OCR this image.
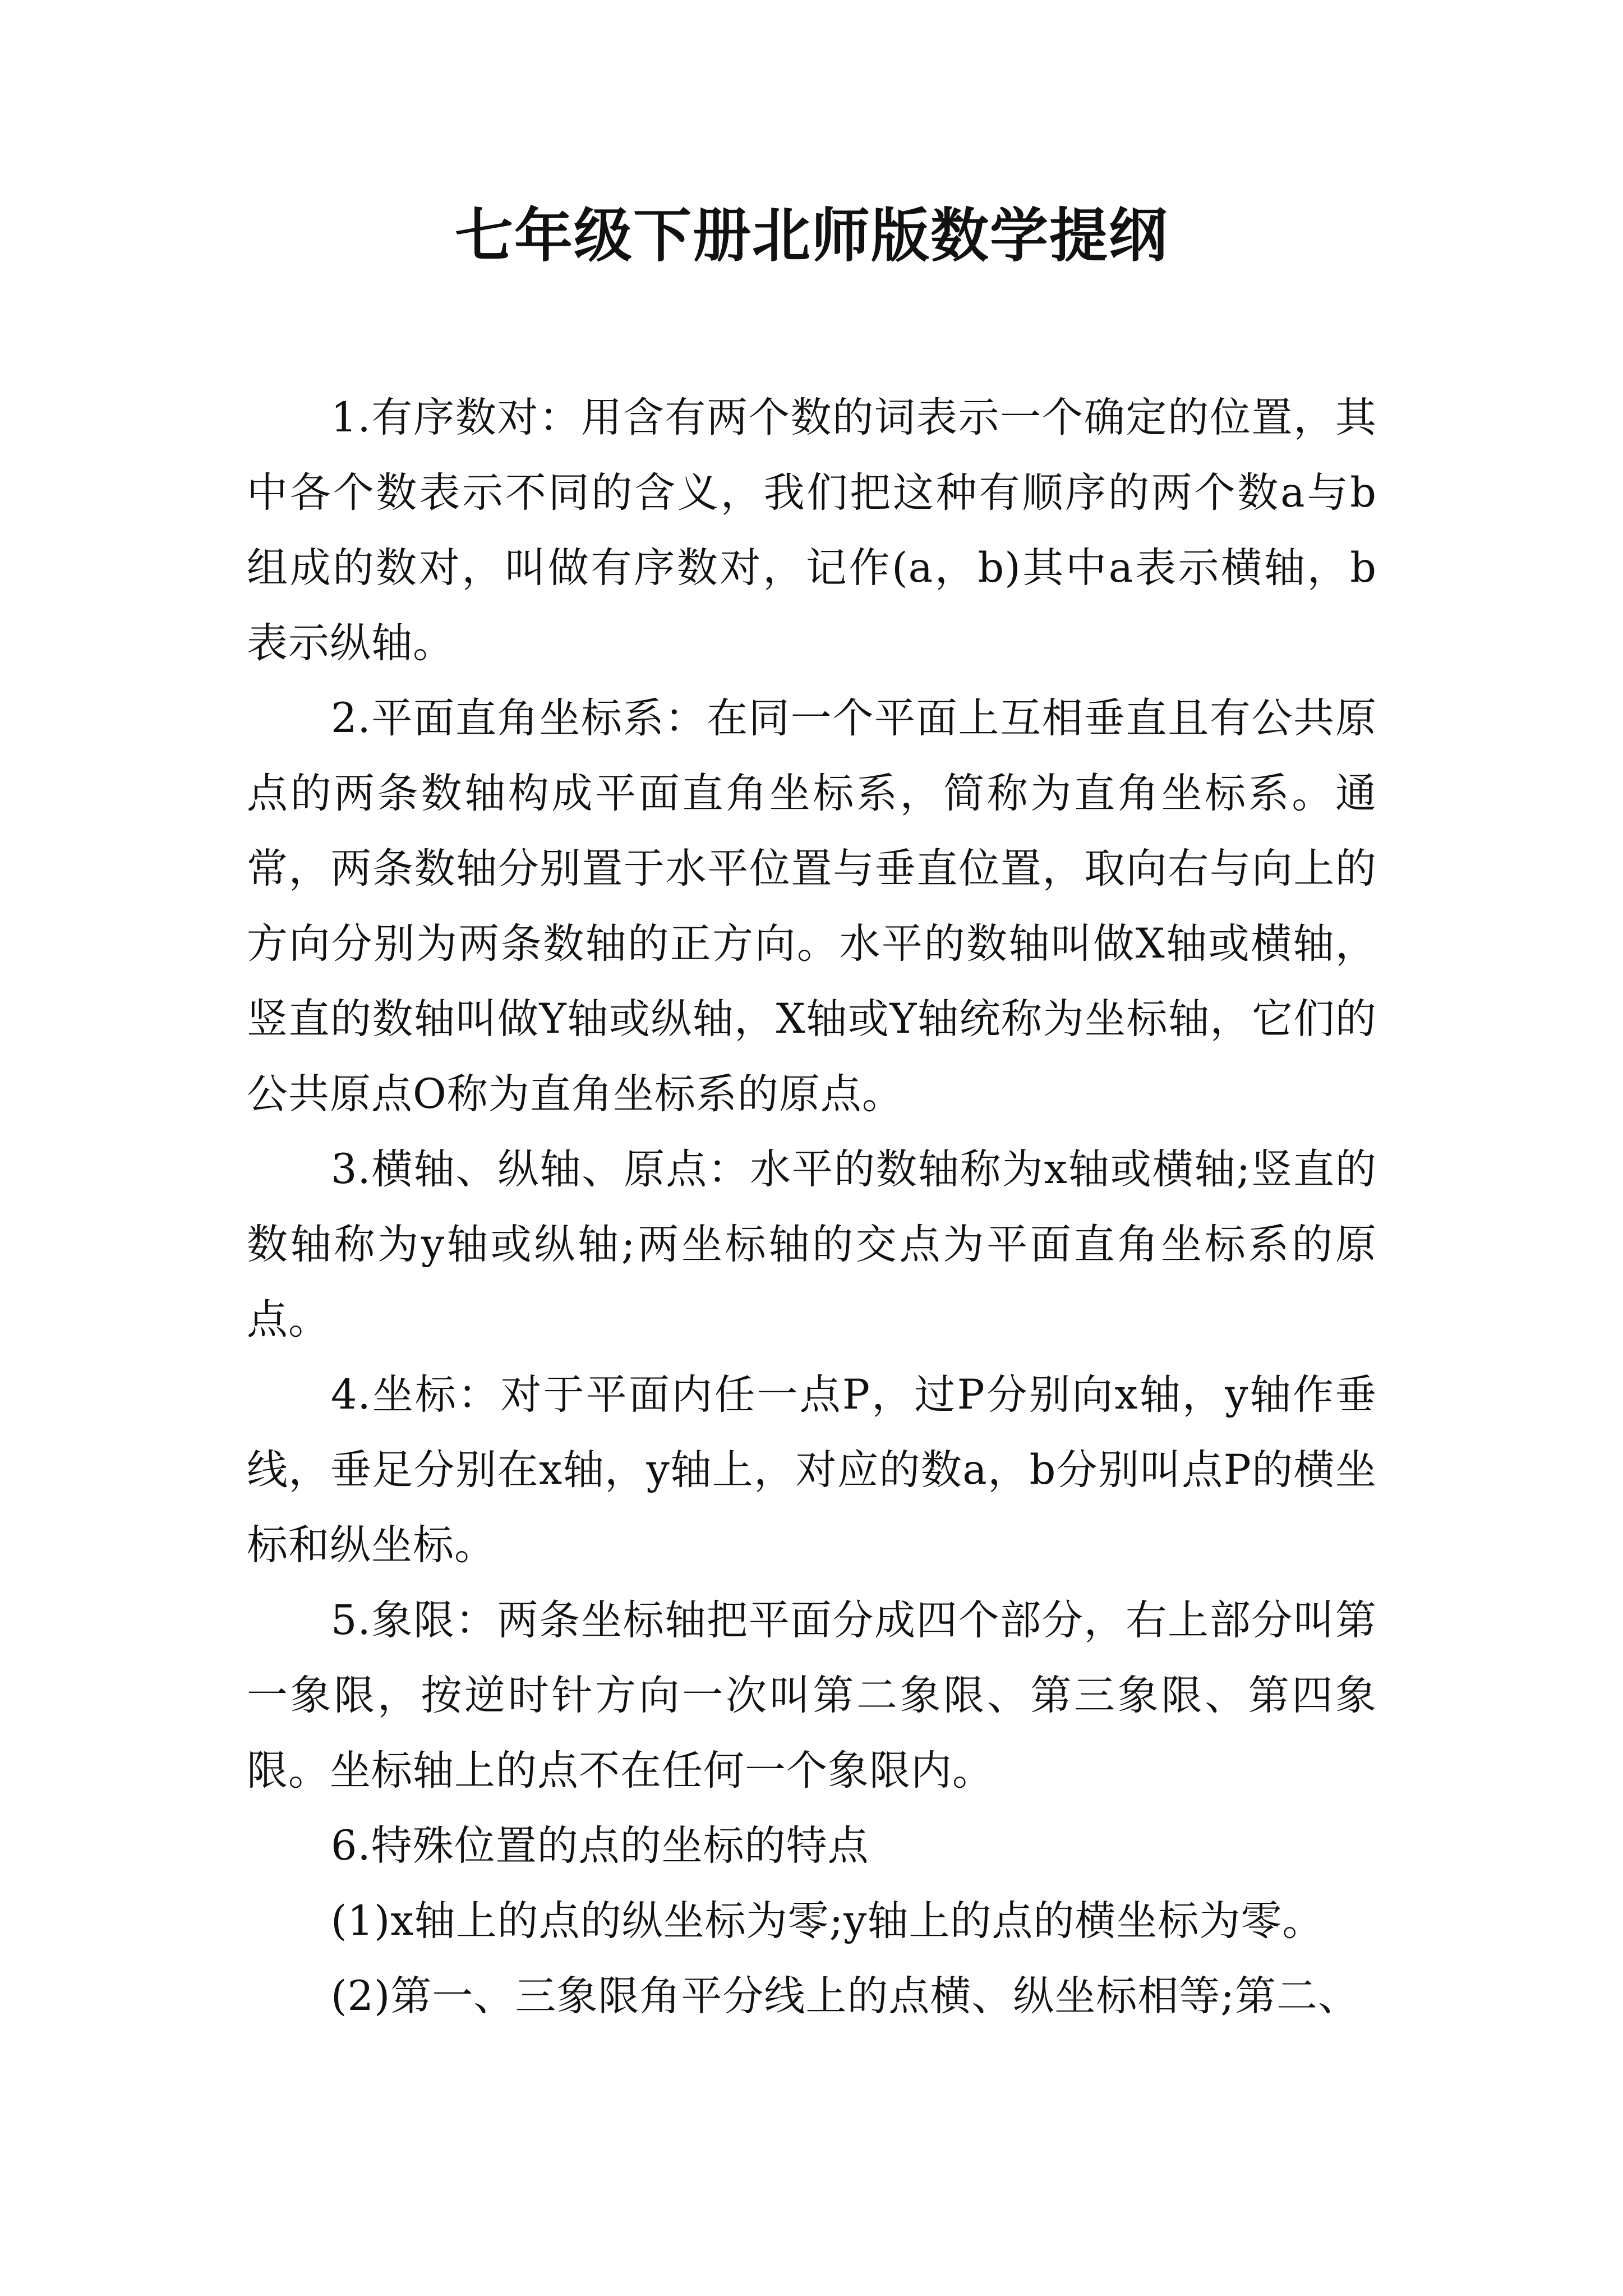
七年级下册北师版数学提纲

1.有序数对：用含有两个数的词表示一个确定的位置，其中各个数表示不同的含义，我们把这种有顺序的两个数a与b组成的数对，叫做有序数对，记作(a，b)其中a表示横轴，b表示纵轴。

2.平面直角坐标系：在同一个平面上互相垂直且有公共原点的两条数轴构成平面直角坐标系，简称为直角坐标系。通常，两条数轴分别置于水平位置与垂直位置，取向右与向上的方向分别为两条数轴的正方向。水平的数轴叫做X轴或横轴，竖直的数轴叫做Y轴或纵轴，X轴或Y轴统称为坐标轴，它们的公共原点O称为直角坐标系的原点。

3.横轴、纵轴、原点：水平的数轴称为x轴或横轴;竖直的数轴称为y轴或纵轴;两坐标轴的交点为平面直角坐标系的原点。

4.坐标：对于平面内任一点P，过P分别向x轴，y轴作垂线，垂足分别在x轴，y轴上，对应的数a，b分别叫点P的横坐标和纵坐标。

5.象限：两条坐标轴把平面分成四个部分，右上部分叫第一象限，按逆时针方向一次叫第二象限、第三象限、第四象限。坐标轴上的点不在任何一个象限内。

6.特殊位置的点的坐标的特点

(1)x轴上的点的纵坐标为零;y轴上的点的横坐标为零。

(2)第一、三象限角平分线上的点横、纵坐标相等;第二、
